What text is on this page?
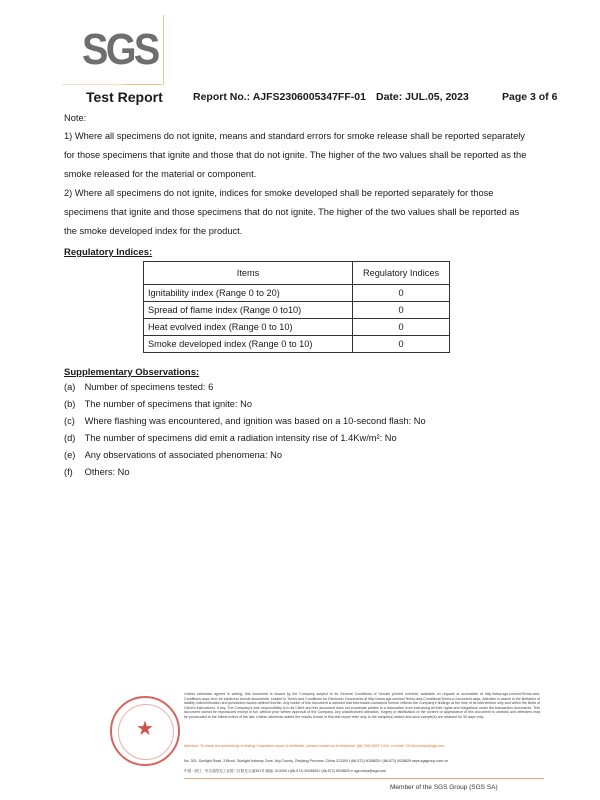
SGS
Test Report	Report No.: AJFS2306005347FF-01 Date: JUL.05, 2023	Page 3 of 6

Note:

1) Where all specimens do not ignite, means and standard errors for smoke release shall be reported separately for those specimens that ignite and those that do not ignite. The higher of the two values shall be reported as the smoke released for the material or component.

2) Where all specimens do not ignite, indices for smoke developed shall be reported separately for those specimens that ignite and those specimens that do not ignite. The higher of the two values shall be reported as the smoke developed index for the product.

Regulatory Indices:
Items	Regulatory Indices
Ignitability index (Range 0 to 20)	0
Spread of flame index (Range 0 to10)	0
Heat evolved index (Range 0 to 10)	0
Smoke developed index (Range 0 to 10)	0
Supplementary Observations:
(a)
Number of specimens tested: 6
(b)
The number of specimens that ignite: No
(c)
	Where flashing was encountered, and ignition was based on a 10-second flash: No
(d)
The number of specimens did emit a radiation intensity rise of 1.4Kw/m²: No
(e)
Any observations of associated phenomena: No
(f)
	Others: No
★
Unless otherwise agreed in writing, this document is issued by the Company subject to its General Conditions of Service printed overleaf, available on request or accessible at http://www.sgs.com/en/Terms-and-Conditions.aspx and, for electronic format documents, subject to Terms and Conditions for Electronic Documents at http://www.sgs.com/en/Terms-and-Conditions/Terms-e-Document.aspx. Attention is drawn to the limitation of liability, indemnification and jurisdiction issues defined therein. Any holder of this document is advised that information contained hereon reflects the Company's findings at the time of its intervention only and within the limits of Client's instructions, if any. The Company's sole responsibility is to its Client and this document does not exonerate parties to a transaction from exercising all their rights and obligations under the transaction documents. This document cannot be reproduced except in full, without prior written approval of the Company. Any unauthorized alteration, forgery or falsification of the content or appearance of this document is unlawful and offenders may be prosecuted to the fullest extent of the law. Unless otherwise stated the results shown in this test report refer only to the sample(s) tested and such sample(s) are retained for 30 days only.
Attention: To check the authenticity of testing / inspection report & certificate, please contact us at telephone: (86-755) 8307 1443, or email: CN.Doccheck@sgs.com
No. 301, Sunlight Road, 3 Block, Sunlight Industry Zone, Anji County, Zhejiang Province, China 313300 t (86-572) 5028825 f (86-572) 5028829 www.sgsgroup.com.cn
中国 · 浙江 · 安吉县阳光工业园二区阳光大道301号 邮编: 313300 t (86-572) 5028825 f (86-572) 5028829 e sgs.china@sgs.com
Member of the SGS Group (SGS SA)
